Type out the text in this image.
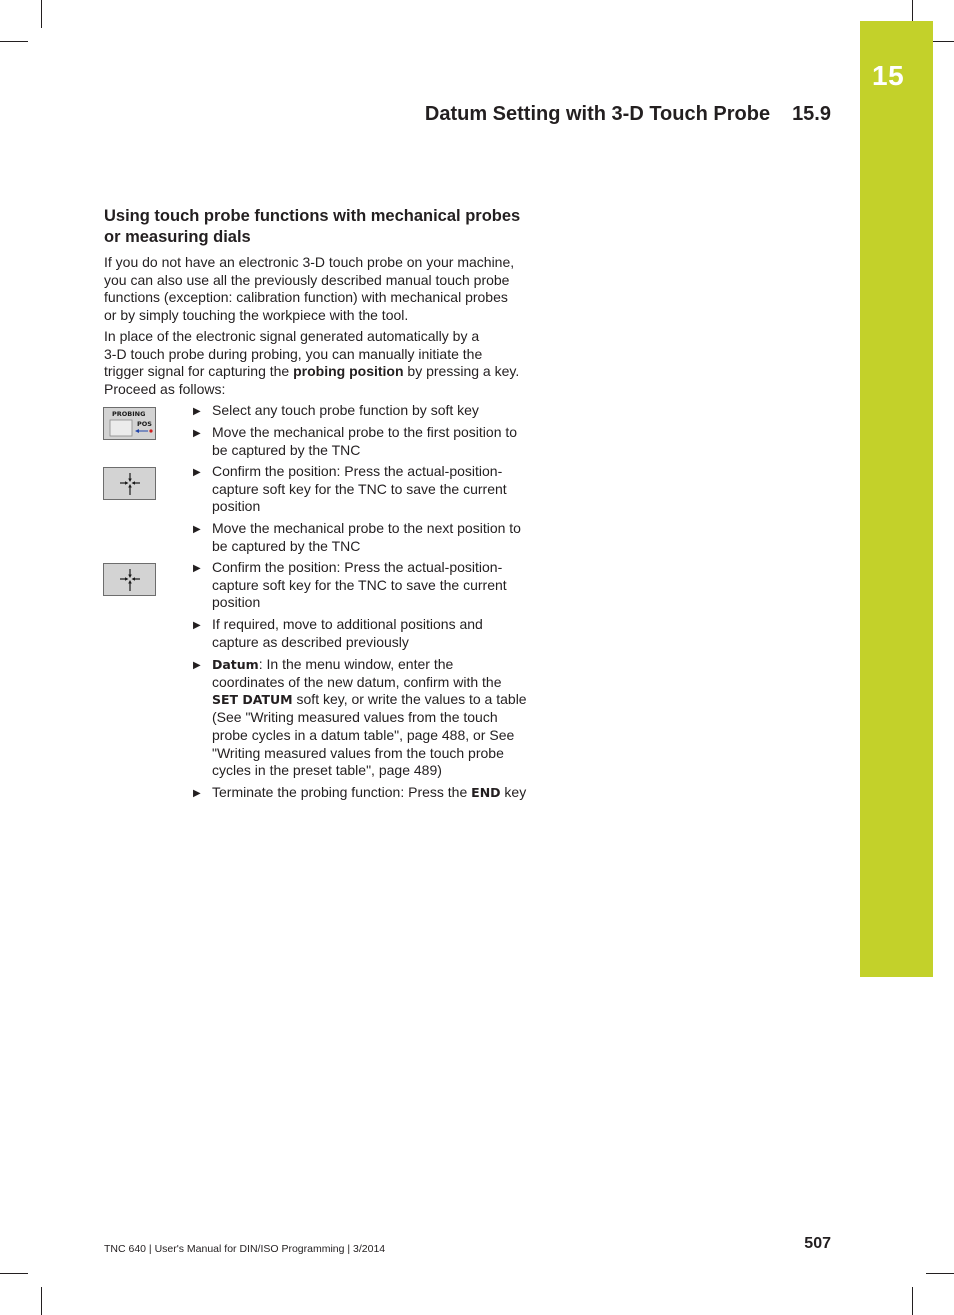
15
Datum Setting with 3-D Touch Probe 15.9
Using touch probe functions with mechanical probes
or measuring dials

If you do not have an electronic 3-D touch probe on your machine,
you can also use all the previously described manual touch probe
functions (exception: calibration function) with mechanical probes
or by simply touching the workpiece with the tool.

In place of the electronic signal generated automatically by a
3-D touch probe during probing, you can manually initiate the
trigger signal for capturing the probing position by pressing a key.
Proceed as follows:

PROBING
POS
▶ Select any touch probe function by soft key
▶ Move the mechanical probe to the first position to
be captured by the TNC
▶ Confirm the position: Press the actual-position-
capture soft key for the TNC to save the current
position
▶ Move the mechanical probe to the next position to
be captured by the TNC
▶ Confirm the position: Press the actual-position-
capture soft key for the TNC to save the current
position
▶ If required, move to additional positions and
capture as described previously
▶ Datum: In the menu window, enter the
coordinates of the new datum, confirm with the
SET DATUM soft key, or write the values to a table
(See "Writing measured values from the touch
probe cycles in a datum table", page 488, or See
"Writing measured values from the touch probe
cycles in the preset table", page 489)
▶ Terminate the probing function: Press the END key
TNC 640 | User's Manual for DIN/ISO Programming | 3/2014	507
